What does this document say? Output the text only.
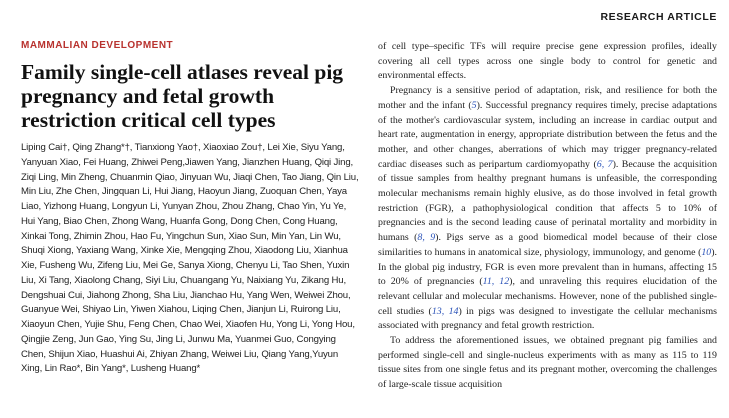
RESEARCH ARTICLE
MAMMALIAN DEVELOPMENT
Family single-cell atlases reveal pig pregnancy and fetal growth restriction critical cell types

Liping Cai†, Qing Zhang*†, Tianxiong Yao†, Xiaoxiao Zou†, Lei Xie, Siyu Yang, Yanyuan Xiao, Fei Huang, Zhiwei Peng,Jiawen Yang, Jianzhen Huang, Qiqi Jing, Ziqi Ling, Min Zheng, Chuanmin Qiao, Jinyuan Wu, Jiaqi Chen, Tao Jiang, Qin Liu, Min Liu, Zhe Chen, Jingquan Li, Hui Jiang, Haoyun Jiang, Zuoquan Chen, Yaya Liao, Yizhong Huang, Longyun Li, Yunyan Zhou, Zhou Zhang, Chao Yin, Yu Ye, Hui Yang, Biao Chen, Zhong Wang, Huanfa Gong, Dong Chen, Cong Huang, Xinkai Tong, Zhimin Zhou, Hao Fu, Yingchun Sun, Xiao Sun, Min Yan, Lin Wu, Shuqi Xiong, Yaxiang Wang, Xinke Xie, Mengqing Zhou, Xiaodong Liu, Xianhua Xie, Fusheng Wu, Zifeng Liu, Mei Ge, Sanya Xiong, Chenyu Li, Tao Shen, Yuxin Liu, Xi Tang, Xiaolong Chang, Siyi Liu, Chuangang Yu, Naixiang Yu, Zikang Hu, Dengshuai Cui, Jiahong Zhong, Sha Liu, Jianchao Hu, Yang Wen, Weiwei Zhou, Guanyue Wei, Shiyao Lin, Yiwen Xiahou, Liqing Chen, Jianjun Li, Ruirong Liu, Xiaoyun Chen, Yujie Shu, Feng Chen, Chao Wei, Xiaofen Hu, Yong Li, Yong Hou, Qingjie Zeng, Jun Gao, Ying Su, Jing Li, Junwu Ma, Yuanmei Guo, Congying Chen, Shijun Xiao, Huashui Ai, Zhiyan Zhang, Weiwei Liu, Qiang Yang,Yuyun Xing, Lin Rao*, Bin Yang*, Lusheng Huang*

of cell type–specific TFs will require precise gene expression profiles, ideally covering all cell types across one single body to control for genetic and environmental effects.

Pregnancy is a sensitive period of adaptation, risk, and resilience for both the mother and the infant (5). Successful pregnancy requires timely, precise adaptations of the mother's cardiovascular system, including an increase in cardiac output and heart rate, augmentation in energy, appropriate distribution between the fetus and the mother, and other changes, aberrations of which may trigger pregnancy-related cardiac diseases such as peripartum cardiomyopathy (6, 7). Because the acquisition of tissue samples from healthy pregnant humans is unfeasible, the corresponding molecular mechanisms remain highly elusive, as do those involved in fetal growth restriction (FGR), a pathophysiological condition that affects 5 to 10% of pregnancies and is the second leading cause of perinatal mortality and morbidity in humans (8, 9). Pigs serve as a good biomedical model because of their close similarities to humans in anatomical size, physiology, immunology, and genome (10). In the global pig industry, FGR is even more prevalent than in humans, affecting 15 to 20% of pregnancies (11, 12), and unraveling this requires elucidation of the relevant cellular and molecular mechanisms. However, none of the published single-cell studies (13, 14) in pigs was designed to investigate the cellular mechanisms associated with pregnancy and fetal growth restriction.

To address the aforementioned issues, we obtained pregnant pig families and performed single-cell and single-nucleus experiments with as many as 115 to 119 tissue sites from one single fetus and its pregnant mother, overcoming the challenges of large-scale tissue acquisition
